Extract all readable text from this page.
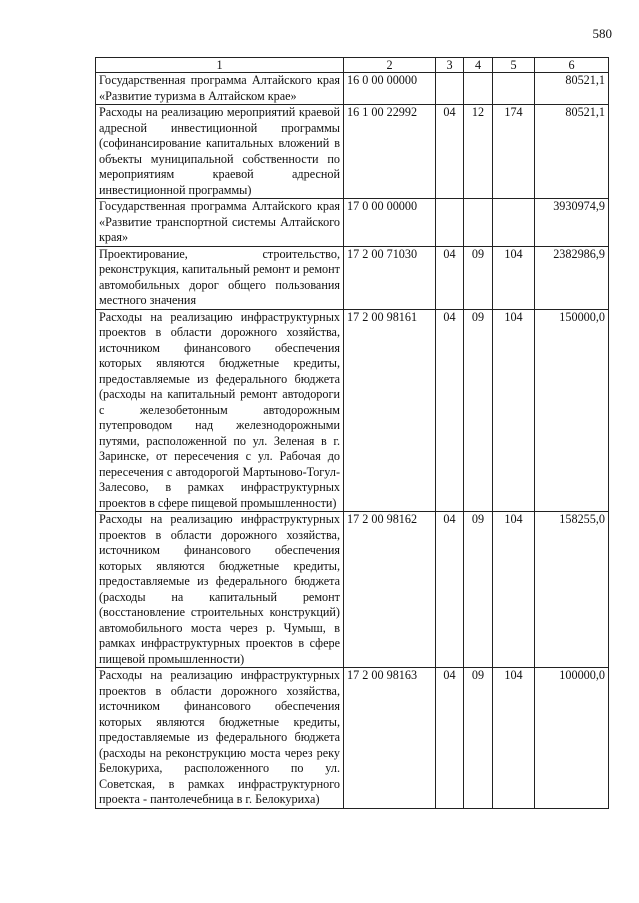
580
1	2	3	4	5	6
Государственная программа Алтайского края «Развитие туризма в Алтайском крае»	16 0 00 00000				80521,1
Расходы на реализацию мероприятий краевой адресной инвестиционной программы (софинансирование капитальных вложений в объекты муниципальной собственности по мероприятиям краевой адресной инвестиционной программы)	16 1 00 22992	04	12	174	80521,1
Государственная программа Алтайского края «Развитие транспортной системы Алтайского края»	17 0 00 00000				3930974,9
Проектирование, строительство, реконструкция, капитальный ремонт и ремонт автомобильных дорог общего пользования местного значения	17 2 00 71030	04	09	104	2382986,9
Расходы на реализацию инфраструктурных проектов в области дорожного хозяйства, источником финансового обеспечения которых являются бюджетные кредиты, предоставляемые из федерального бюджета (расходы на капитальный ремонт автодороги с железобетонным автодорожным путепроводом над железнодорожными путями, расположенной по ул. Зеленая в г. Заринске, от пересечения с ул. Рабочая до пересечения с автодорогой Мартыново-Тогул-Залесово, в рамках инфраструктурных проектов в сфере пищевой промышленности)	17 2 00 98161	04	09	104	150000,0
Расходы на реализацию инфраструктурных проектов в области дорожного хозяйства, источником финансового обеспечения которых являются бюджетные кредиты, предоставляемые из федерального бюджета (расходы на капитальный ремонт (восстановление строительных конструкций) автомобильного моста через р. Чумыш, в рамках инфраструктурных проектов в сфере пищевой промышленности)	17 2 00 98162	04	09	104	158255,0
Расходы на реализацию инфраструктурных проектов в области дорожного хозяйства, источником финансового обеспечения которых являются бюджетные кредиты, предоставляемые из федерального бюджета (расходы на реконструкцию моста через реку Белокуриха, расположенного по ул. Советская, в рамках инфраструктурного проекта - пантолечебница в г. Белокуриха)	17 2 00 98163	04	09	104	100000,0
